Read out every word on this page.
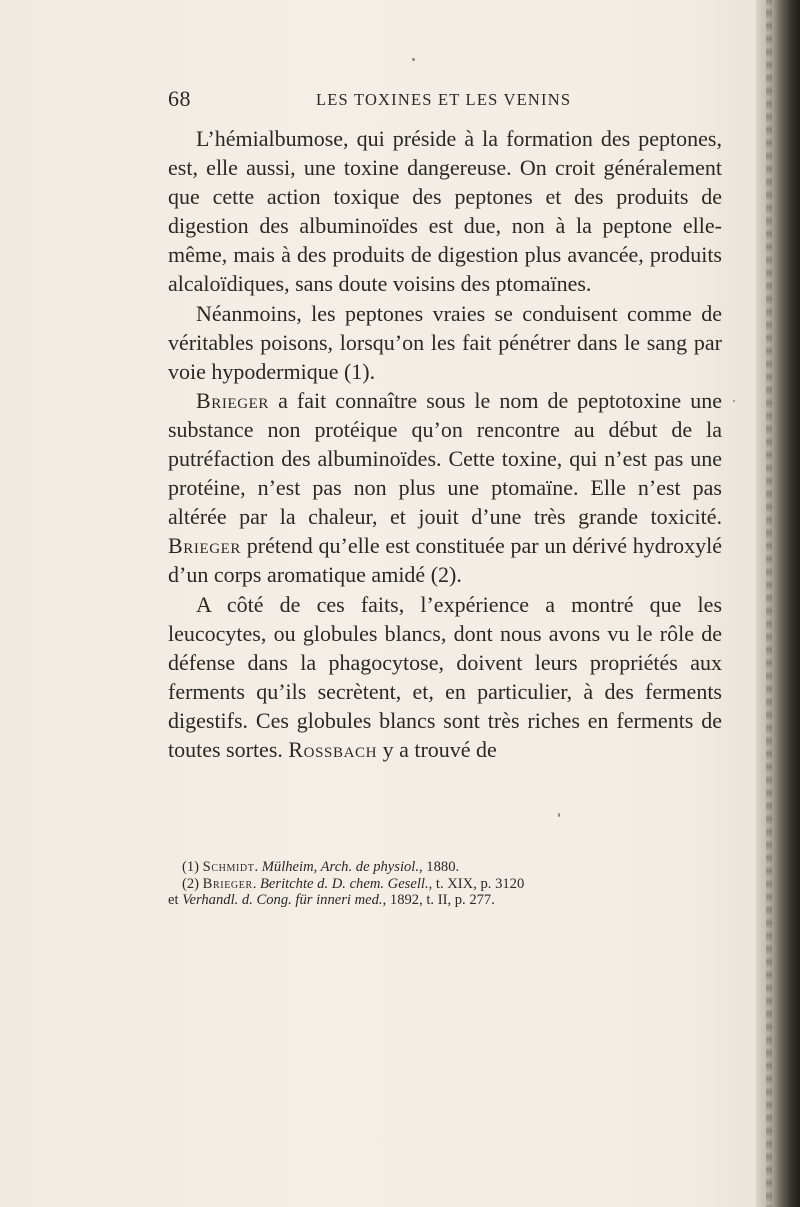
68	LES TOXINES ET LES VENINS

L’hémialbumose, qui préside à la formation des peptones, est, elle aussi, une toxine dangereuse. On croit généralement que cette action toxique des peptones et des produits de digestion des albuminoïdes est due, non à la peptone elle-même, mais à des produits de digestion plus avancée, produits alcaloïdiques, sans doute voisins des ptomaïnes.

Néanmoins, les peptones vraies se conduisent comme de véritables poisons, lorsqu’on les fait pénétrer dans le sang par voie hypodermique (1).

Brieger a fait connaître sous le nom de peptotoxine une substance non protéique qu’on rencontre au début de la putréfaction des albuminoïdes. Cette toxine, qui n’est pas une protéine, n’est pas non plus une ptomaïne. Elle n’est pas altérée par la chaleur, et jouit d’une très grande toxicité. Brieger prétend qu’elle est constituée par un dérivé hydroxylé d’un corps aromatique amidé (2).

A côté de ces faits, l’expérience a montré que les leucocytes, ou globules blancs, dont nous avons vu le rôle de défense dans la phagocytose, doivent leurs propriétés aux ferments qu’ils secrètent, et, en particulier, à des ferments digestifs. Ces globules blancs sont très riches en ferments de toutes sortes. Rossbach y a trouvé de

(1) Schmidt. Mülheim, Arch. de physiol., 1880.

(2) Brieger. Beritchte d. D. chem. Gesell., t. XIX, p. 3120

et Verhandl. d. Cong. für inneri med., 1892, t. II, p. 277.
